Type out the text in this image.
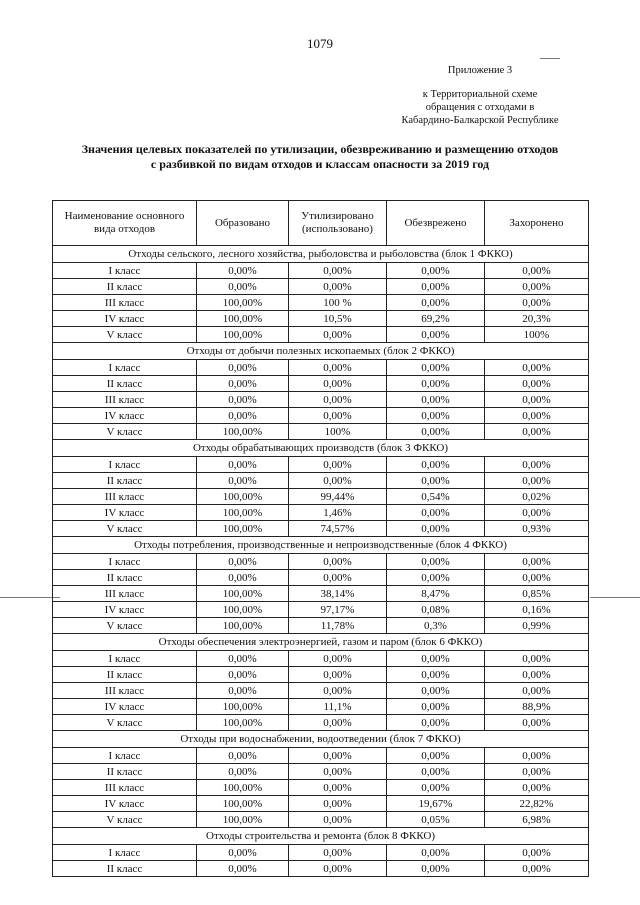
1079
Приложение 3
к Территориальной схеме
обращения с отходами в
Кабардино-Балкарской Республике
Значения целевых показателей по утилизации, обезвреживанию и размещению отходов
с разбивкой по видам отходов и классам опасности за 2019 год
Наименование основного вида отходов	Образовано	Утилизировано (использовано)	Обезврежено	Захоронено
Отходы сельского, лесного хозяйства, рыболовства и рыболовства (блок 1 ФККО)				
I класс	0,00%	0,00%	0,00%	0,00%
II класс	0,00%	0,00%	0,00%	0,00%
III класс	100,00%	100 %	0,00%	0,00%
IV класс	100,00%	10,5%	69,2%	20,3%
V класс	100,00%	0,00%	0,00%	100%
Отходы от добычи полезных ископаемых (блок 2 ФККО)				
I класс	0,00%	0,00%	0,00%	0,00%
II класс	0,00%	0,00%	0,00%	0,00%
III класс	0,00%	0,00%	0,00%	0,00%
IV класс	0,00%	0,00%	0,00%	0,00%
V класс	100,00%	100%	0,00%	0,00%
Отходы обрабатывающих производств (блок 3 ФККО)				
I класс	0,00%	0,00%	0,00%	0,00%
II класс	0,00%	0,00%	0,00%	0,00%
III класс	100,00%	99,44%	0,54%	0,02%
IV класс	100,00%	1,46%	0,00%	0,00%
V класс	100,00%	74,57%	0,00%	0,93%
Отходы потребления, производственные и непроизводственные (блок 4 ФККО)				
I класс	0,00%	0,00%	0,00%	0,00%
II класс	0,00%	0,00%	0,00%	0,00%
III класс	100,00%	38,14%	8,47%	0,85%
IV класс	100,00%	97,17%	0,08%	0,16%
V класс	100,00%	11,78%	0,3%	0,99%
Отходы обеспечения электроэнергией, газом и паром (блок 6 ФККО)				
I класс	0,00%	0,00%	0,00%	0,00%
II класс	0,00%	0,00%	0,00%	0,00%
III класс	0,00%	0,00%	0,00%	0,00%
IV класс	100,00%	11,1%	0,00%	88,9%
V класс	100,00%	0,00%	0,00%	0,00%
Отходы при водоснабжении, водоотведении (блок 7 ФККО)				
I класс	0,00%	0,00%	0,00%	0,00%
II класс	0,00%	0,00%	0,00%	0,00%
III класс	100,00%	0,00%	0,00%	0,00%
IV класс	100,00%	0,00%	19,67%	22,82%
V класс	100,00%	0,00%	0,05%	6,98%
Отходы строительства и ремонта (блок 8 ФККО)				
I класс	0,00%	0,00%	0,00%	0,00%
II класс	0,00%	0,00%	0,00%	0,00%
